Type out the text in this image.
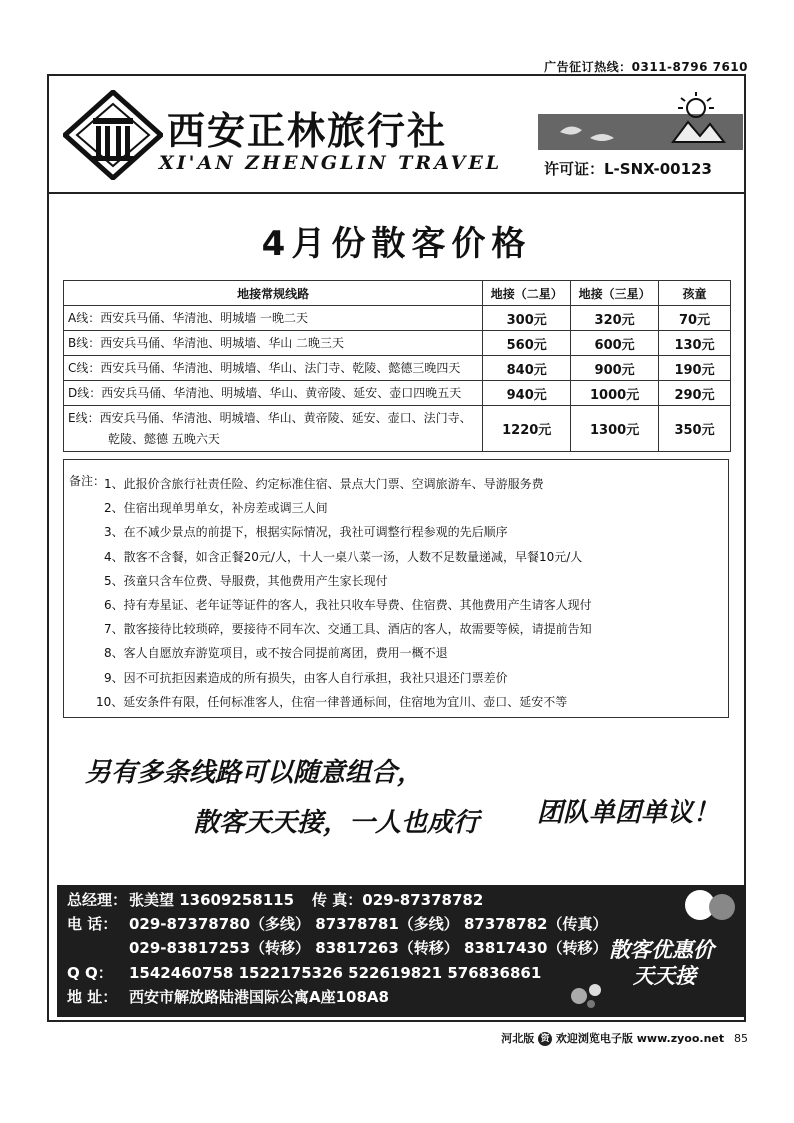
广告征订热线：0311-8796 7610
西安正林旅行社
XI'AN ZHENGLIN TRAVEL	许可证：L-SNX-00123
4月份散客价格
地接常规线路	地接（二星）	地接（三星）	孩童
A线：西安兵马俑、华清池、明城墙 一晚二天	300元	320元	70元
B线：西安兵马俑、华清池、明城墙、华山 二晚三天	560元	600元	130元
C线：西安兵马俑、华清池、明城墙、华山、法门寺、乾陵、懿德三晚四天	840元	900元	190元
D线：西安兵马俑、华清池、明城墙、华山、黄帝陵、延安、壶口四晚五天	940元	1000元	290元

E线：西安兵马俑、华清池、明城墙、华山、黄帝陵、延安、壶口、法门寺、
乾陵、懿德 五晚六天	1220元	1300元	350元
备注：
1、此报价含旅行社责任险、约定标准住宿、景点大门票、空调旅游车、导游服务费
2、住宿出现单男单女，补房差或调三人间
3、在不减少景点的前提下，根据实际情况，我社可调整行程参观的先后顺序
4、散客不含餐，如含正餐20元/人，十人一桌八菜一汤，人数不足数量递减，早餐10元/人
5、孩童只含车位费、导服费，其他费用产生家长现付
6、持有寿星证、老年证等证件的客人，我社只收车导费、住宿费、其他费用产生请客人现付
7、散客接待比较琐碎，要接待不同车次、交通工具、酒店的客人，故需要等候，请提前告知
8、客人自愿放弃游览项目，或不按合同提前离团，费用一概不退
9、因不可抗拒因素造成的所有损失，由客人自行承担，我社只退还门票差价
10、延安条件有限，任何标准客人，住宿一律普通标间，住宿地为宜川、壶口、延安不等
另有多条线路可以随意组合，
散客天天接，一人也成行 团队单团单议！
总经理： 张美望 13609258115 传 真：029-87378782
电 话： 029-87378780（多线） 87378781（多线） 87378782（传真）
029-83817253（转移） 83817263（转移） 83817430（转移）
Q Q： 1542460758 1522175326 522619821 576836861
地 址： 西安市解放路陆港国际公寓A座108A8
散客优惠价
天天接
河北版 资 欢迎浏览电子版 www.zyoo.net 85
